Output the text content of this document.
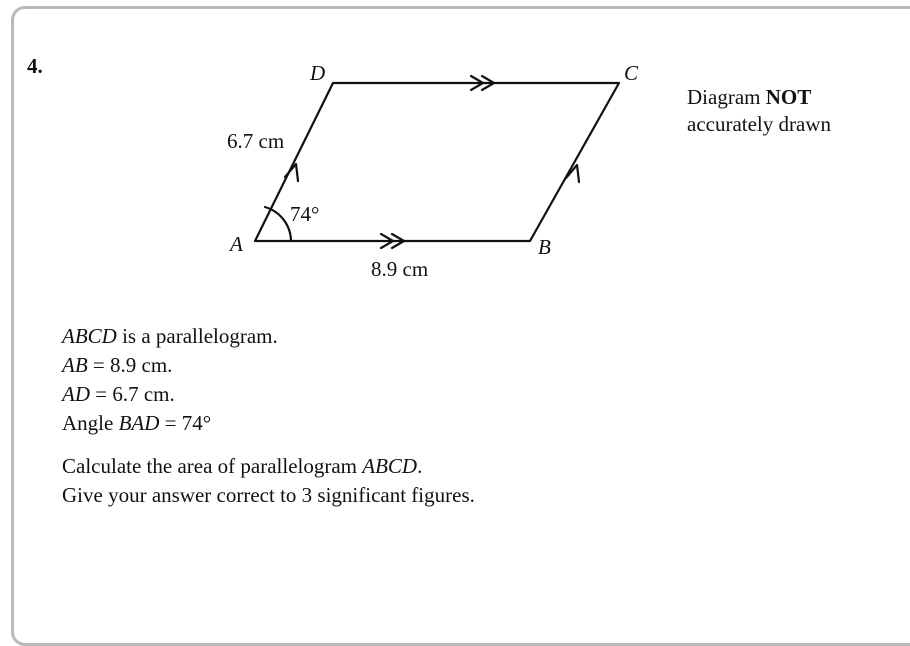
4.
A	B
C
D
6.7 cm
8.9 cm
74°
Diagram NOT
accurately drawn
ABCD is a parallelogram.
AB = 8.9 cm.
AD = 6.7 cm.
Angle BAD = 74°
Calculate the area of parallelogram ABCD.
Give your answer correct to 3 significant figures.
